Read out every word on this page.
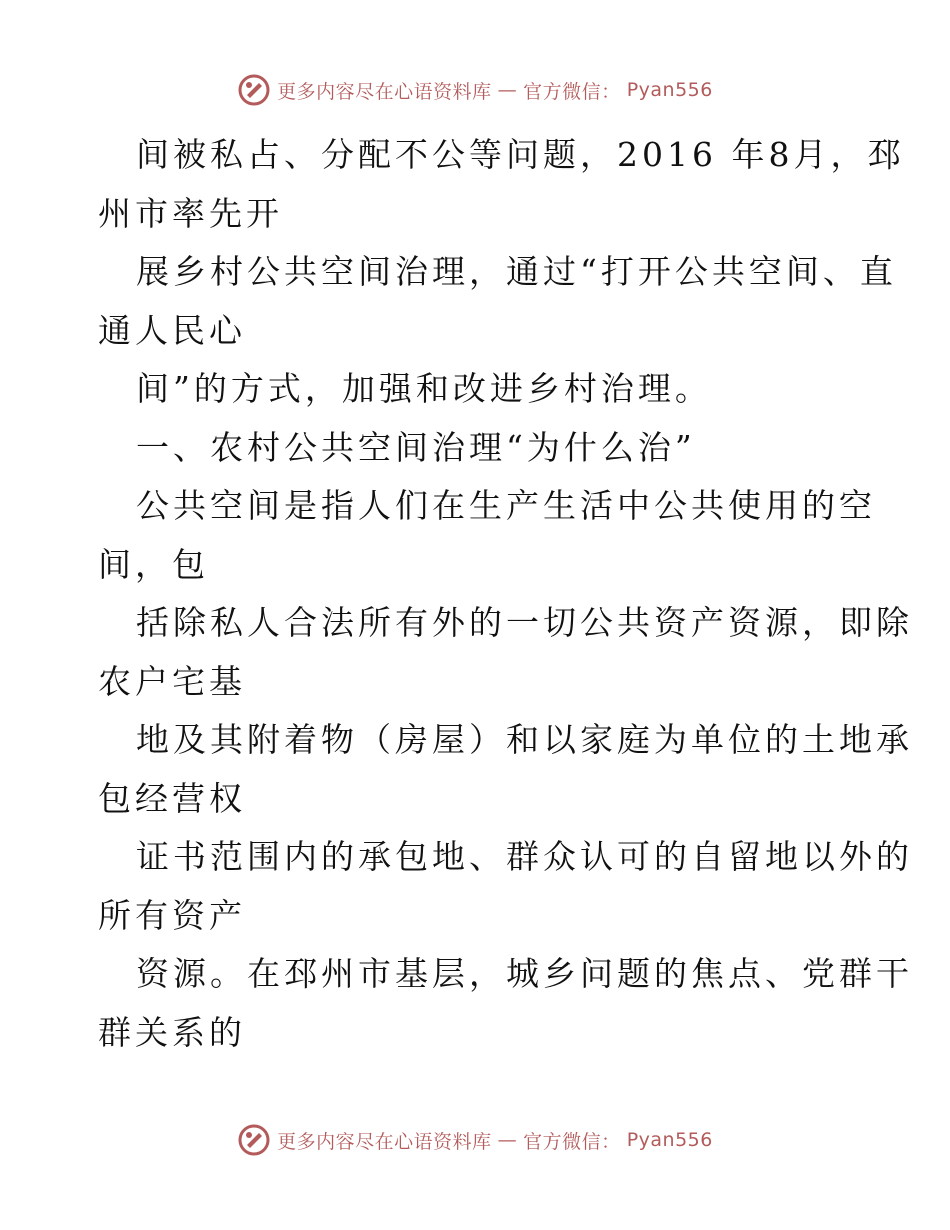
更多内容尽在心语资料库 — 官方微信： Pyan556
间被私占、分配不公等问题，2016 年8月，邳
州市率先开
展乡村公共空间治理，通过“打开公共空间、直
通人民心
间”的方式，加强和改进乡村治理。
一、农村公共空间治理“为什么治”
公共空间是指人们在生产生活中公共使用的空
间，包
括除私人合法所有外的一切公共资产资源，即除
农户宅基
地及其附着物（房屋）和以家庭为单位的土地承
包经营权
证书范围内的承包地、群众认可的自留地以外的
所有资产
资源。在邳州市基层，城乡问题的焦点、党群干
群关系的
更多内容尽在心语资料库 — 官方微信： Pyan556
